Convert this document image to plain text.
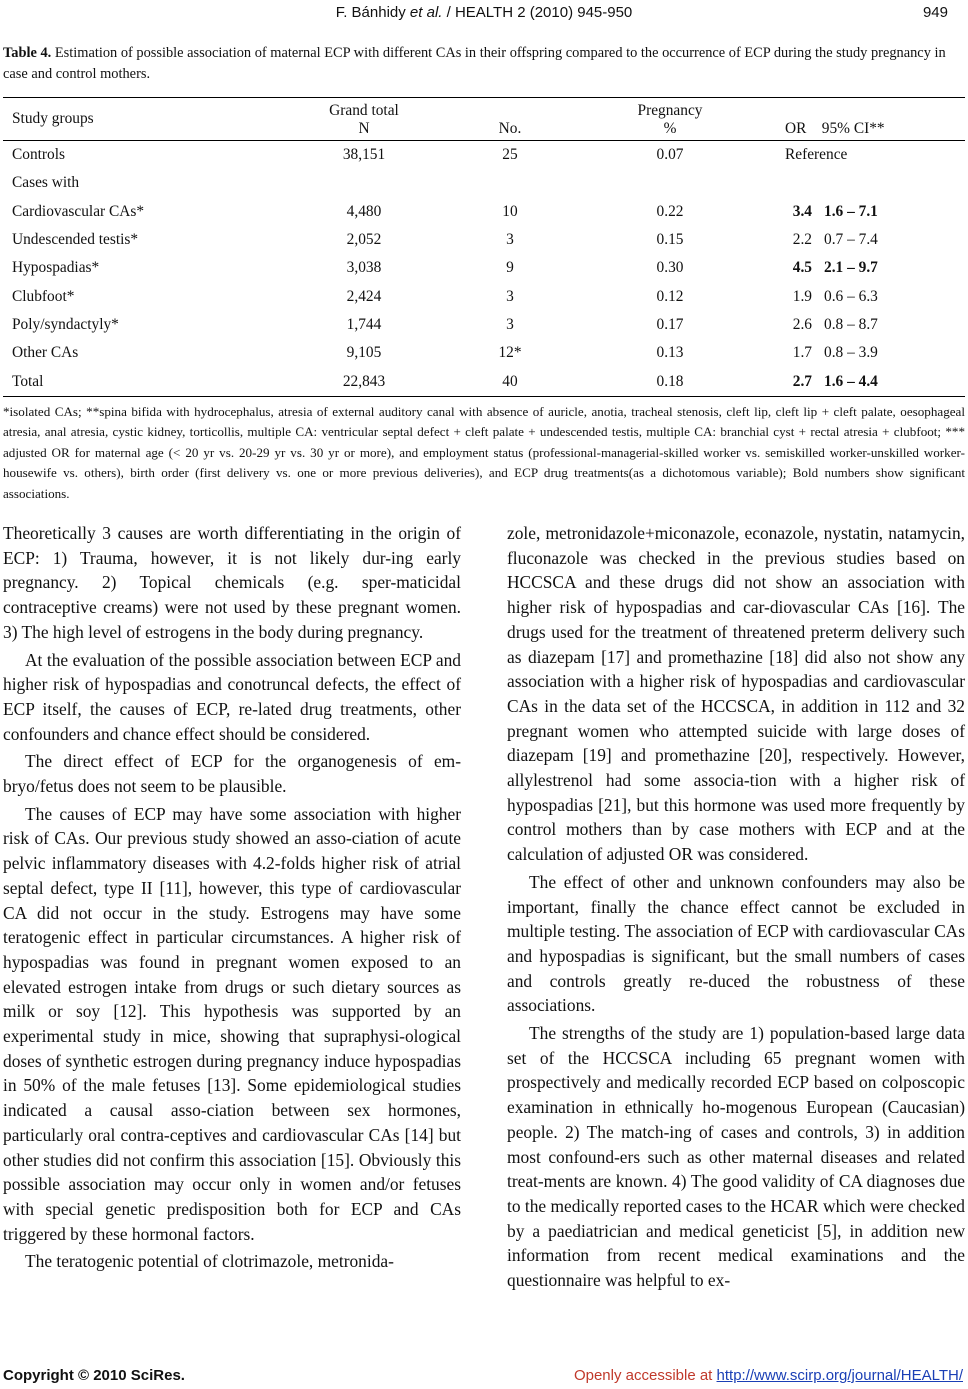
F. Bánhidy et al. / HEALTH 2 (2010) 945-950	949
Table 4. Estimation of possible association of maternal ECP with different CAs in their offspring compared to the occurrence of ECP during the study pregnancy in case and control mothers.
Study groups	Grand total		Pregnancy		
	N	No.	%	OR    95% CI**	
Controls	38,151	25	0.07	Reference	
Cases with					
Cardiovascular CAs*	4,480	10	0.22	3.4	1.6 – 7.1
Undescended testis*	2,052	3	0.15	2.2	0.7 – 7.4
Hypospadias*	3,038	9	0.30	4.5	2.1 – 9.7
Clubfoot*	2,424	3	0.12	1.9	0.6 – 6.3
Poly/syndactyly*	1,744	3	0.17	2.6	0.8 – 8.7
Other CAs	9,105	12*	0.13	1.7	0.8 – 3.9
Total	22,843	40	0.18	2.7	1.6 – 4.4
*isolated CAs; **spina bifida with hydrocephalus, atresia of external auditory canal with absence of auricle, anotia, tracheal stenosis, cleft lip, cleft lip + cleft palate, oesophageal atresia, anal atresia, cystic kidney, torticollis, multiple CA: ventricular septal defect + cleft palate + undescended testis, multiple CA: branchial cyst + rectal atresia + clubfoot; *** adjusted OR for maternal age (< 20 yr vs. 20-29 yr vs. 30 yr or more), and employment status (professional-managerial-skilled worker vs. semiskilled worker-unskilled worker-housewife vs. others), birth order (first delivery vs. one or more previous deliveries), and ECP drug treatments(as a dichotomous variable); Bold numbers show significant associations.

Theoretically 3 causes are worth differentiating in the origin of ECP: 1) Trauma, however, it is not likely dur-ing early pregnancy. 2) Topical chemicals (e.g. sper-maticidal contraceptive creams) were not used by these pregnant women. 3) The high level of estrogens in the body during pregnancy.

At the evaluation of the possible association between ECP and higher risk of hypospadias and conotruncal defects, the effect of ECP itself, the causes of ECP, re-lated drug treatments, other confounders and chance effect should be considered.

The direct effect of ECP for the organogenesis of em-bryo/fetus does not seem to be plausible.

The causes of ECP may have some association with higher risk of CAs. Our previous study showed an asso-ciation of acute pelvic inflammatory diseases with 4.2-folds higher risk of atrial septal defect, type II [11], however, this type of cardiovascular CA did not occur in the study. Estrogens may have some teratogenic effect in particular circumstances. A higher risk of hypospadias was found in pregnant women exposed to an elevated estrogen intake from drugs or such dietary sources as milk or soy [12]. This hypothesis was supported by an experimental study in mice, showing that supraphysi-ological doses of synthetic estrogen during pregnancy induce hypospadias in 50% of the male fetuses [13]. Some epidemiological studies indicated a causal asso-ciation between sex hormones, particularly oral contra-ceptives and cardiovascular CAs [14] but other studies did not confirm this association [15]. Obviously this possible association may occur only in women and/or fetuses with special genetic predisposition both for ECP and CAs triggered by these hormonal factors.

The teratogenic potential of clotrimazole, metronida-

zole, metronidazole+miconazole, econazole, nystatin, natamycin, fluconazole was checked in the previous studies based on HCCSCA and these drugs did not show an association with higher risk of hypospadias and car-diovascular CAs [16]. The drugs used for the treatment of threatened preterm delivery such as diazepam [17] and promethazine [18] did also not show any association with a higher risk of hypospadias and cardiovascular CAs in the data set of the HCCSCA, in addition in 112 and 32 pregnant women who attempted suicide with large doses of diazepam [19] and promethazine [20], respectively. However, allylestrenol had some associa-tion with a higher risk of hypospadias [21], but this hormone was used more frequently by control mothers than by case mothers with ECP and at the calculation of adjusted OR was considered.

The effect of other and unknown confounders may also be important, finally the chance effect cannot be excluded in multiple testing. The association of ECP with cardiovascular CAs and hypospadias is significant, but the small numbers of cases and controls greatly re-duced the robustness of these associations.

The strengths of the study are 1) population-based large data set of the HCCSCA including 65 pregnant women with prospectively and medically recorded ECP based on colposcopic examination in ethnically ho-mogenous European (Caucasian) people. 2) The match-ing of cases and controls, 3) in addition most confound-ers such as other maternal diseases and related treat-ments are known. 4) The good validity of CA diagnoses due to the medically reported cases to the HCAR which were checked by a paediatrician and medical geneticist [5], in addition new information from recent medical examinations and the questionnaire was helpful to ex-

Copyright © 2010 SciRes.	Openly accessible at http://www.scirp.org/journal/HEALTH/
